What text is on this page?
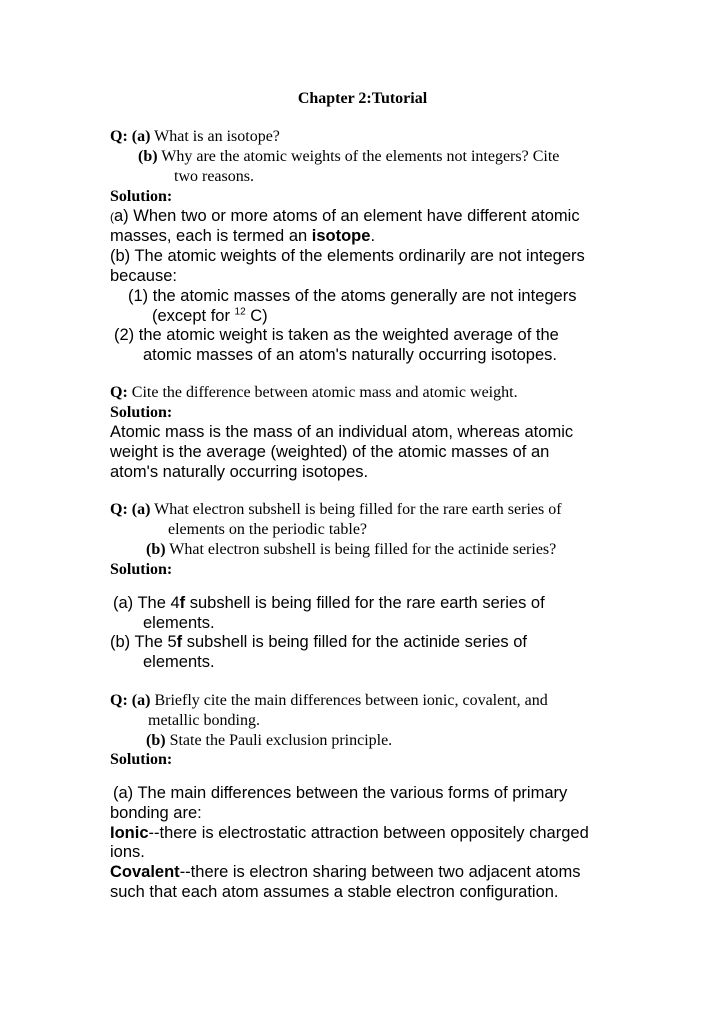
Chapter 2:Tutorial
Q: (a) What is an isotope?
(b) Why are the atomic weights of the elements not integers? Cite
two reasons.
Solution:
(a) When two or more atoms of an element have different atomic
masses, each is termed an isotope.
(b) The atomic weights of the elements ordinarily are not integers
because:
(1) the atomic masses of the atoms generally are not integers
(except for $^{12}$ C)
(2) the atomic weight is taken as the weighted average of the
atomic masses of an atom's naturally occurring isotopes.
Q: Cite the difference between atomic mass and atomic weight.
Solution:
Atomic mass is the mass of an individual atom, whereas atomic
weight is the average (weighted) of the atomic masses of an
atom's naturally occurring isotopes.
Q: (a) What electron subshell is being filled for the rare earth series of
elements on the periodic table?
(b) What electron subshell is being filled for the actinide series?
Solution:
(a) The 4f subshell is being filled for the rare earth series of
elements.
(b) The 5f subshell is being filled for the actinide series of
elements.
Q: (a) Briefly cite the main differences between ionic, covalent, and
metallic bonding.
(b) State the Pauli exclusion principle.
Solution:
(a) The main differences between the various forms of primary
bonding are:
Ionic--there is electrostatic attraction between oppositely charged
ions.
Covalent--there is electron sharing between two adjacent atoms
such that each atom assumes a stable electron configuration.
